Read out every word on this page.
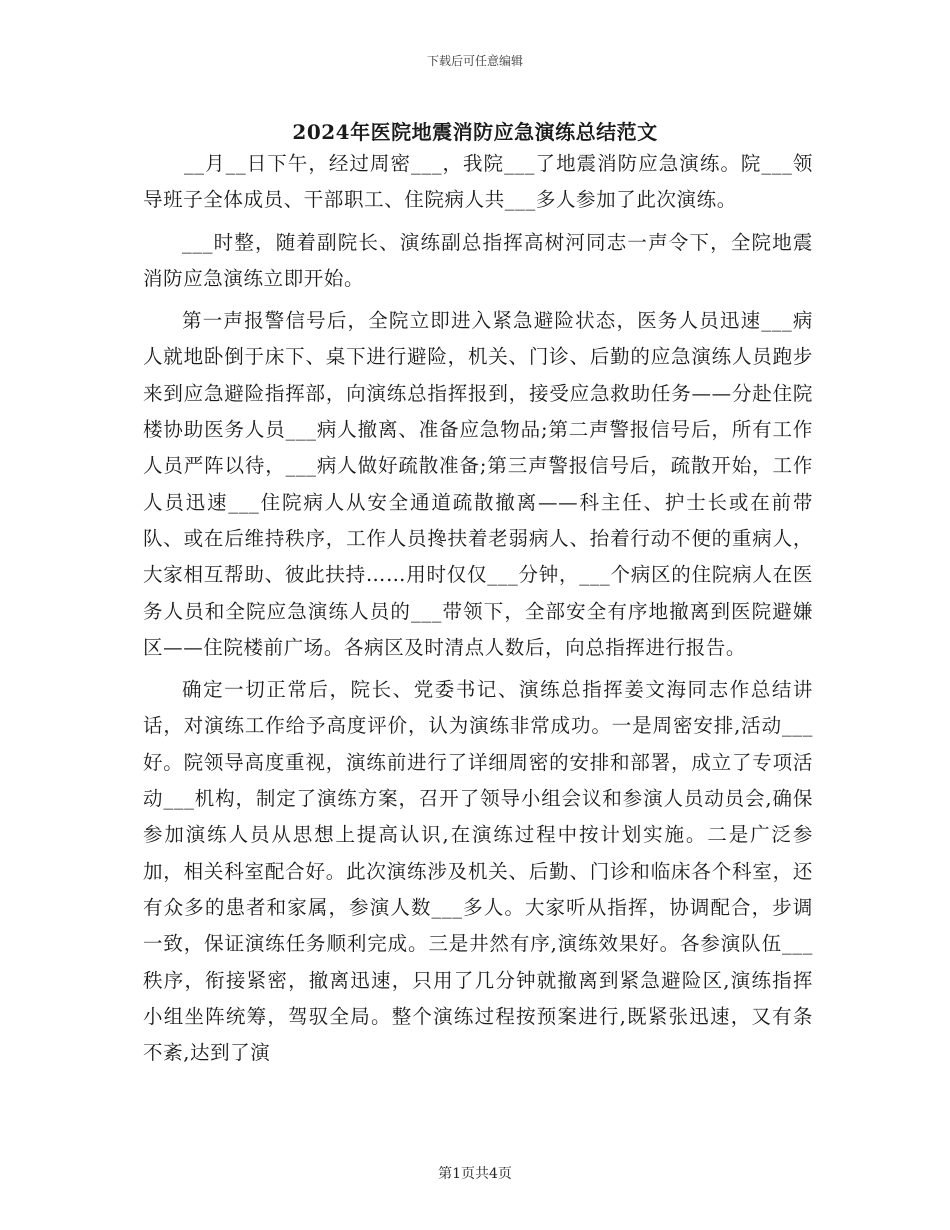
下载后可任意编辑
2024年医院地震消防应急演练总结范文

__月__日下午，经过周密___，我院___了地震消防应急演练。院___领导班子全体成员、干部职工、住院病人共___多人参加了此次演练。

___时整，随着副院长、演练副总指挥高树河同志一声令下，全院地震消防应急演练立即开始。

第一声报警信号后，全院立即进入紧急避险状态，医务人员迅速___病人就地卧倒于床下、桌下进行避险，机关、门诊、后勤的应急演练人员跑步来到应急避险指挥部，向演练总指挥报到，接受应急救助任务——分赴住院楼协助医务人员___病人撤离、准备应急物品;第二声警报信号后，所有工作人员严阵以待，___病人做好疏散准备;第三声警报信号后，疏散开始，工作人员迅速___住院病人从安全通道疏散撤离——科主任、护士长或在前带队、或在后维持秩序，工作人员搀扶着老弱病人、抬着行动不便的重病人，大家相互帮助、彼此扶持……用时仅仅___分钟，___个病区的住院病人在医务人员和全院应急演练人员的___带领下，全部安全有序地撤离到医院避嫌区——住院楼前广场。各病区及时清点人数后，向总指挥进行报告。

确定一切正常后，院长、党委书记、演练总指挥姜文海同志作总结讲话，对演练工作给予高度评价，认为演练非常成功。一是周密安排,活动___好。院领导高度重视，演练前进行了详细周密的安排和部署，成立了专项活动___机构，制定了演练方案，召开了领导小组会议和参演人员动员会,确保参加演练人员从思想上提高认识,在演练过程中按计划实施。二是广泛参加，相关科室配合好。此次演练涉及机关、后勤、门诊和临床各个科室，还有众多的患者和家属，参演人数___多人。大家听从指挥，协调配合，步调一致，保证演练任务顺利完成。三是井然有序,演练效果好。各参演队伍___秩序，衔接紧密，撤离迅速，只用了几分钟就撤离到紧急避险区,演练指挥小组坐阵统筹，驾驭全局。整个演练过程按预案进行,既紧张迅速，又有条不紊,达到了演

第1页共4页
